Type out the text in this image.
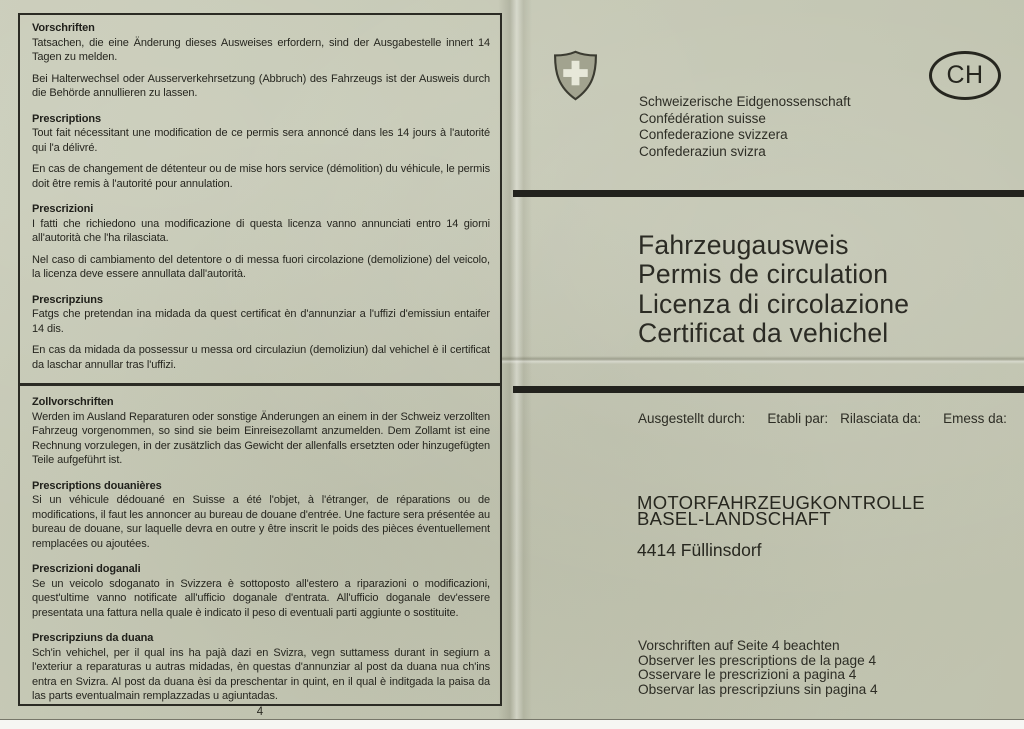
Vorschriften

Tatsachen, die eine Änderung dieses Ausweises erfordern, sind der Ausgabestelle innert 14 Tagen zu melden.

Bei Halterwechsel oder Ausserverkehrsetzung (Abbruch) des Fahrzeugs ist der Ausweis durch die Behörde annullieren zu lassen.

Prescriptions

Tout fait nécessitant une modification de ce permis sera annoncé dans les 14 jours à l'autorité qui l'a délivré.

En cas de changement de détenteur ou de mise hors service (démolition) du véhicule, le permis doit être remis à l'autorité pour annulation.

Prescrizioni

I fatti che richiedono una modificazione di questa licenza vanno annunciati entro 14 giorni all'autorità che l'ha rilasciata.

Nel caso di cambiamento del detentore o di messa fuori circolazione (demolizione) del veicolo, la licenza deve essere annullata dall'autorità.

Prescripziuns

Fatgs che pretendan ina midada da quest certificat èn d'annunziar a l'uffizi d'emissiun entaifer 14 dis.

En cas da midada da possessur u messa ord circulaziun (demoliziun) dal vehichel è il certificat da laschar annullar tras l'uffizi.

Zollvorschriften

Werden im Ausland Reparaturen oder sonstige Änderungen an einem in der Schweiz verzollten Fahrzeug vorgenommen, so sind sie beim Einreisezollamt anzumelden. Dem Zollamt ist eine Rechnung vorzulegen, in der zusätzlich das Gewicht der allenfalls ersetzten oder hinzugefügten Teile aufgeführt ist.

Prescriptions douanières

Si un véhicule dédouané en Suisse a été l'objet, à l'étranger, de réparations ou de modifications, il faut les annoncer au bureau de douane d'entrée. Une facture sera présentée au bureau de douane, sur laquelle devra en outre y être inscrit le poids des pièces éventuellement remplacées ou ajoutées.

Prescrizioni doganali

Se un veicolo sdoganato in Svizzera è sottoposto all'estero a riparazioni o modificazioni, quest'ultime vanno notificate all'ufficio doganale d'entrata. All'ufficio doganale dev'essere presentata una fattura nella quale è indicato il peso di eventuali parti aggiunte o sostituite.

Prescripziuns da duana

Sch'in vehichel, per il qual ins ha pajà dazi en Svizra, vegn suttamess durant in segiurn a l'exteriur a reparaturas u autras midadas, èn questas d'annunziar al post da duana nua ch'ins entra en Svizra. Al post da duana èsi da preschentar in quint, en il qual è inditgada la paisa da las parts eventualmain remplazzadas u agiuntadas.

4
CH
Schweizerische Eidgenossenschaft
Confédération suisse
Confederazione svizzera
Confederaziun svizra
Fahrzeugausweis
Permis de circulation
Licenza di circolazione
Certificat da vehichel
Ausgestellt durch: Etabli par: Rilasciata da: Emess da:
MOTORFAHRZEUGKONTROLLE
BASEL-LANDSCHAFT
4414 Füllinsdorf
Vorschriften auf Seite 4 beachten
Observer les prescriptions de la page 4
Osservare le prescrizioni a pagina 4
Observar las prescripziuns sin pagina 4
